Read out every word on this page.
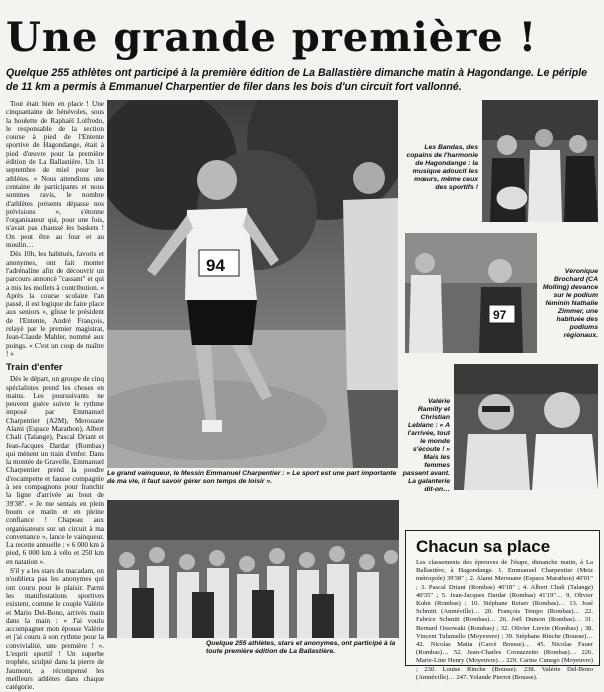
Une grande première !
Quelque 255 athlètes ont participé à la première édition de La Ballastière dimanche matin à Hagondange. Le périple de 11 km a permis à Emmanuel Charpentier de filer dans les bois d'un circuit fort vallonné.

Tout était bien en place ! Une cinquantaine de bénévoles, sous la houlette de Raphaël Lolfredo, le responsable de la section course à pied de l'Entente sportive de Hagondange, était à pied d'œuvre pour la première édition de La Ballastière. Un 11 septembre de miel pour les athlètes. « Nous attendions une centaine de participants et nous sommes ravis, le nombre d'athlètes présents dépasse nos prévisions », s'étonne l'organisateur qui, pour une fois, n'avait pas chaussé les baskets ! On peut être au four et au moulin…

Dès 10h, les habitués, favoris et anonymes, ont fait monter l'adrénaline afin de découvrir un parcours annoncé "cassant" et qui a mis les mollets à contribution. « Après la course scolaire l'an passé, il est logique de faire place aux seniors », glisse le président de l'Entente, André François, relayé par le premier magistrat, Jean-Claude Mahler, nommé aux poings. « C'est un coup de maître ! »

Train d'enfer

Dès le départ, un groupe de cinq spécialistes prend les choses en mains. Les poursuivants ne peuvent guère suivre le rythme imposé par Emmanuel Charpentier (A2M), Merouane Alami (Espace Marathon), Albert Chali (Talange), Pascal Driant et Jean-Jacques Dardar (Rombas) qui mènent un train d'enfer. Dans la montée de Gravelle, Emmanuel Charpentier prend la poudre d'escampette et fausse compagnie à ses compagnons pour franchir la ligne d'arrivée au bout de 39'38". « Je me sentais en plein boum ce matin et en pleine confiance ! Chapeau aux organisateurs sur un circuit à ma convenance », lance le vainqueur. La recette annuelle : « 6 000 km à pied, 6 000 km à vélo et 250 km en natation ».

S'il y a les stars du macadam, on n'oubliera pas les anonymes qui ont couru pour le plaisir. Parmi les manifestations sportives existent, comme le couple Valérie et Mario Del-Bono, arrivés main dans la main : « J'ai voulu accompagner mon épouse Valérie et j'ai couru à son rythme pour la convivialité, une première ! ». L'esprit sportif ! Un superbe trophée, sculpté dans la pierre de Jaumont, a récompensé les meilleurs athlètes dans chaque catégorie.

94
Le grand vainqueur, le Messin Emmanuel Charpentier : « Le sport est une part importante de ma vie, il faut savoir gérer son temps de loisir ».
Les Bandas, des copains de l'harmonie de Hagondange : la musique adoucit les mœurs, même ceux des sportifs !
97
Véronique Brochard (CA Molling) devance sur le podium féminin Nathalie Zimmer, une habituée des podiums régionaux.
Valérie Ramilly et Christian Leblanc : « A l'arrivée, tout le monde s'écoute ! » Mais les femmes passent avant. La galanterie dit-on…
Quelque 255 athlètes, stars et anonymes, ont participé à la toute première édition de La Ballastière.
Chacun sa place

Les classements des épreuves de l'étape, dimanche matin, à La Ballastière, à Hagondange. 1. Emmanuel Charpentier (Metz métropole) 39'38" ; 2. Alami Merouane (Espace Marathon) 40'01" ; 3. Pascal Driant (Rombas) 40'18" ; 4. Albert Chali (Talange) 40'35" ; 5. Jean-Jacques Dardar (Rombas) 41'19"… 9. Olivier Kuhn (Rombas) ; 10. Stéphane Reiser (Rombas)… 13. José Schmitt (Amnéville)… 20. François Tempo (Rombas)… 22. Fabrice Schmitt (Rombas)… 26. Joël Dumon (Rombas)… 31. Bernard Ossowaki (Rombas) ; 32. Olivier Lievin (Rombas) ; 38. Vincent Tulumello (Moyeuvre) ; 39. Stéphane Rinche (Bousse)… 42. Nicolas Matta (Carcé Bousse)… 45. Nicolas Fauer (Rombas)… 52. Jean-Charles Cornazzetto (Rombas)… 226. Marie-Line Henry (Moyeuvre)… 229. Carine Cunego (Moyeuvre) ; 230. Louise Rinche (Bousse). 238. Valérie Del-Bono (Amnéville)… 247. Yolande Pierrot (Bousse).
